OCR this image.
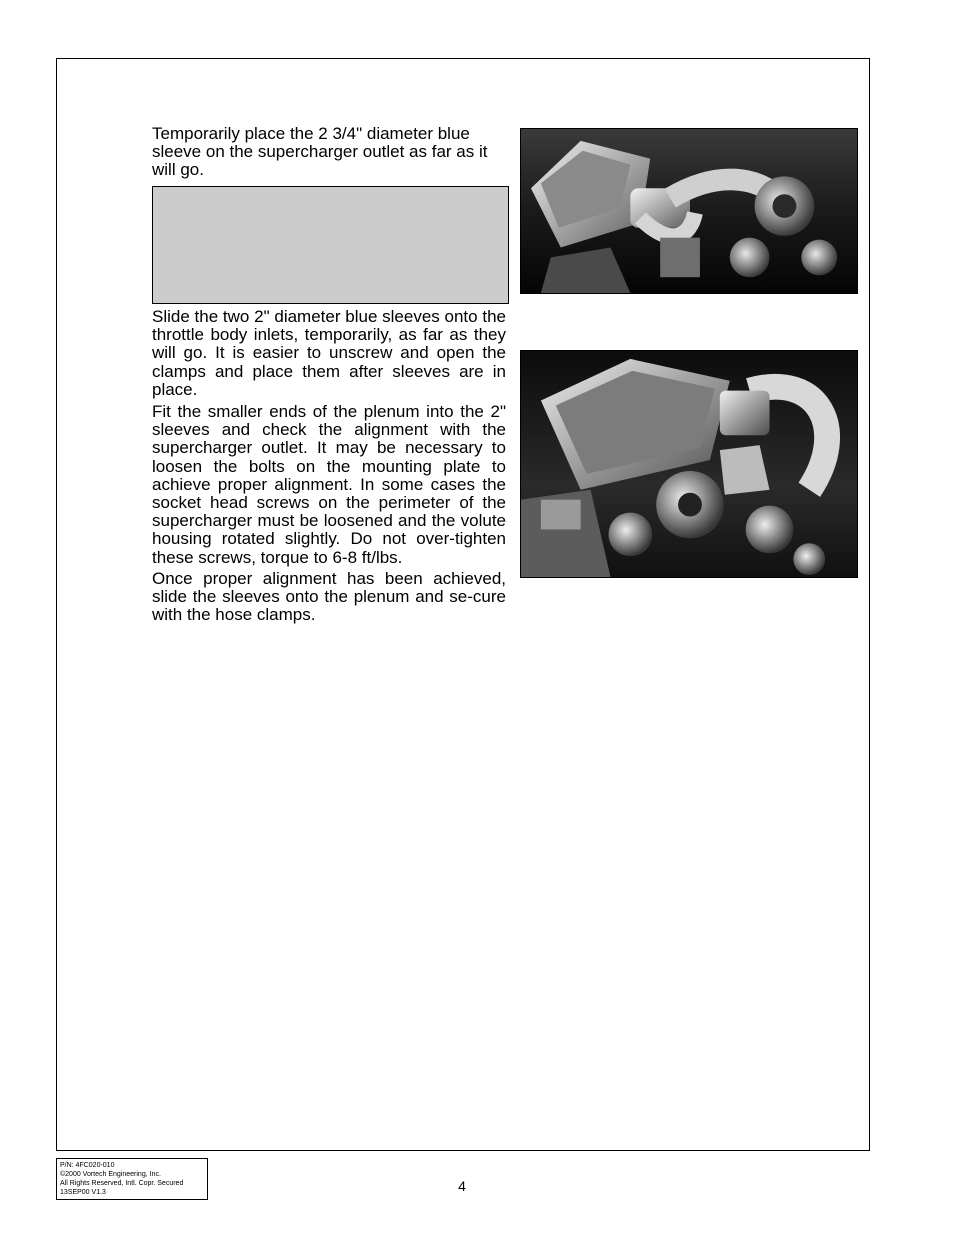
Temporarily place the 2 3/4" diameter blue sleeve on the supercharger outlet as far as it will go.

Slide the two 2" diameter blue sleeves onto the throttle body inlets, temporarily, as far as they will go. It is easier to unscrew and open the clamps and place them after sleeves are in place.

Fit the smaller ends of the plenum into the 2" sleeves and check the alignment with the supercharger outlet. It may be necessary to loosen the bolts on the mounting plate to achieve proper alignment. In some cases the socket head screws on the perimeter of the supercharger must be loosened and the volute housing rotated slightly. Do not over-tighten these screws, torque to 6-8 ft/lbs.

Once proper alignment has been achieved, slide the sleeves onto the plenum and se-cure with the hose clamps.

P/N: 4FC020-010
©2000 Vortech Engineering, Inc.
All Rights Reserved, Intl. Copr. Secured
13SEP00 V1.3	4
